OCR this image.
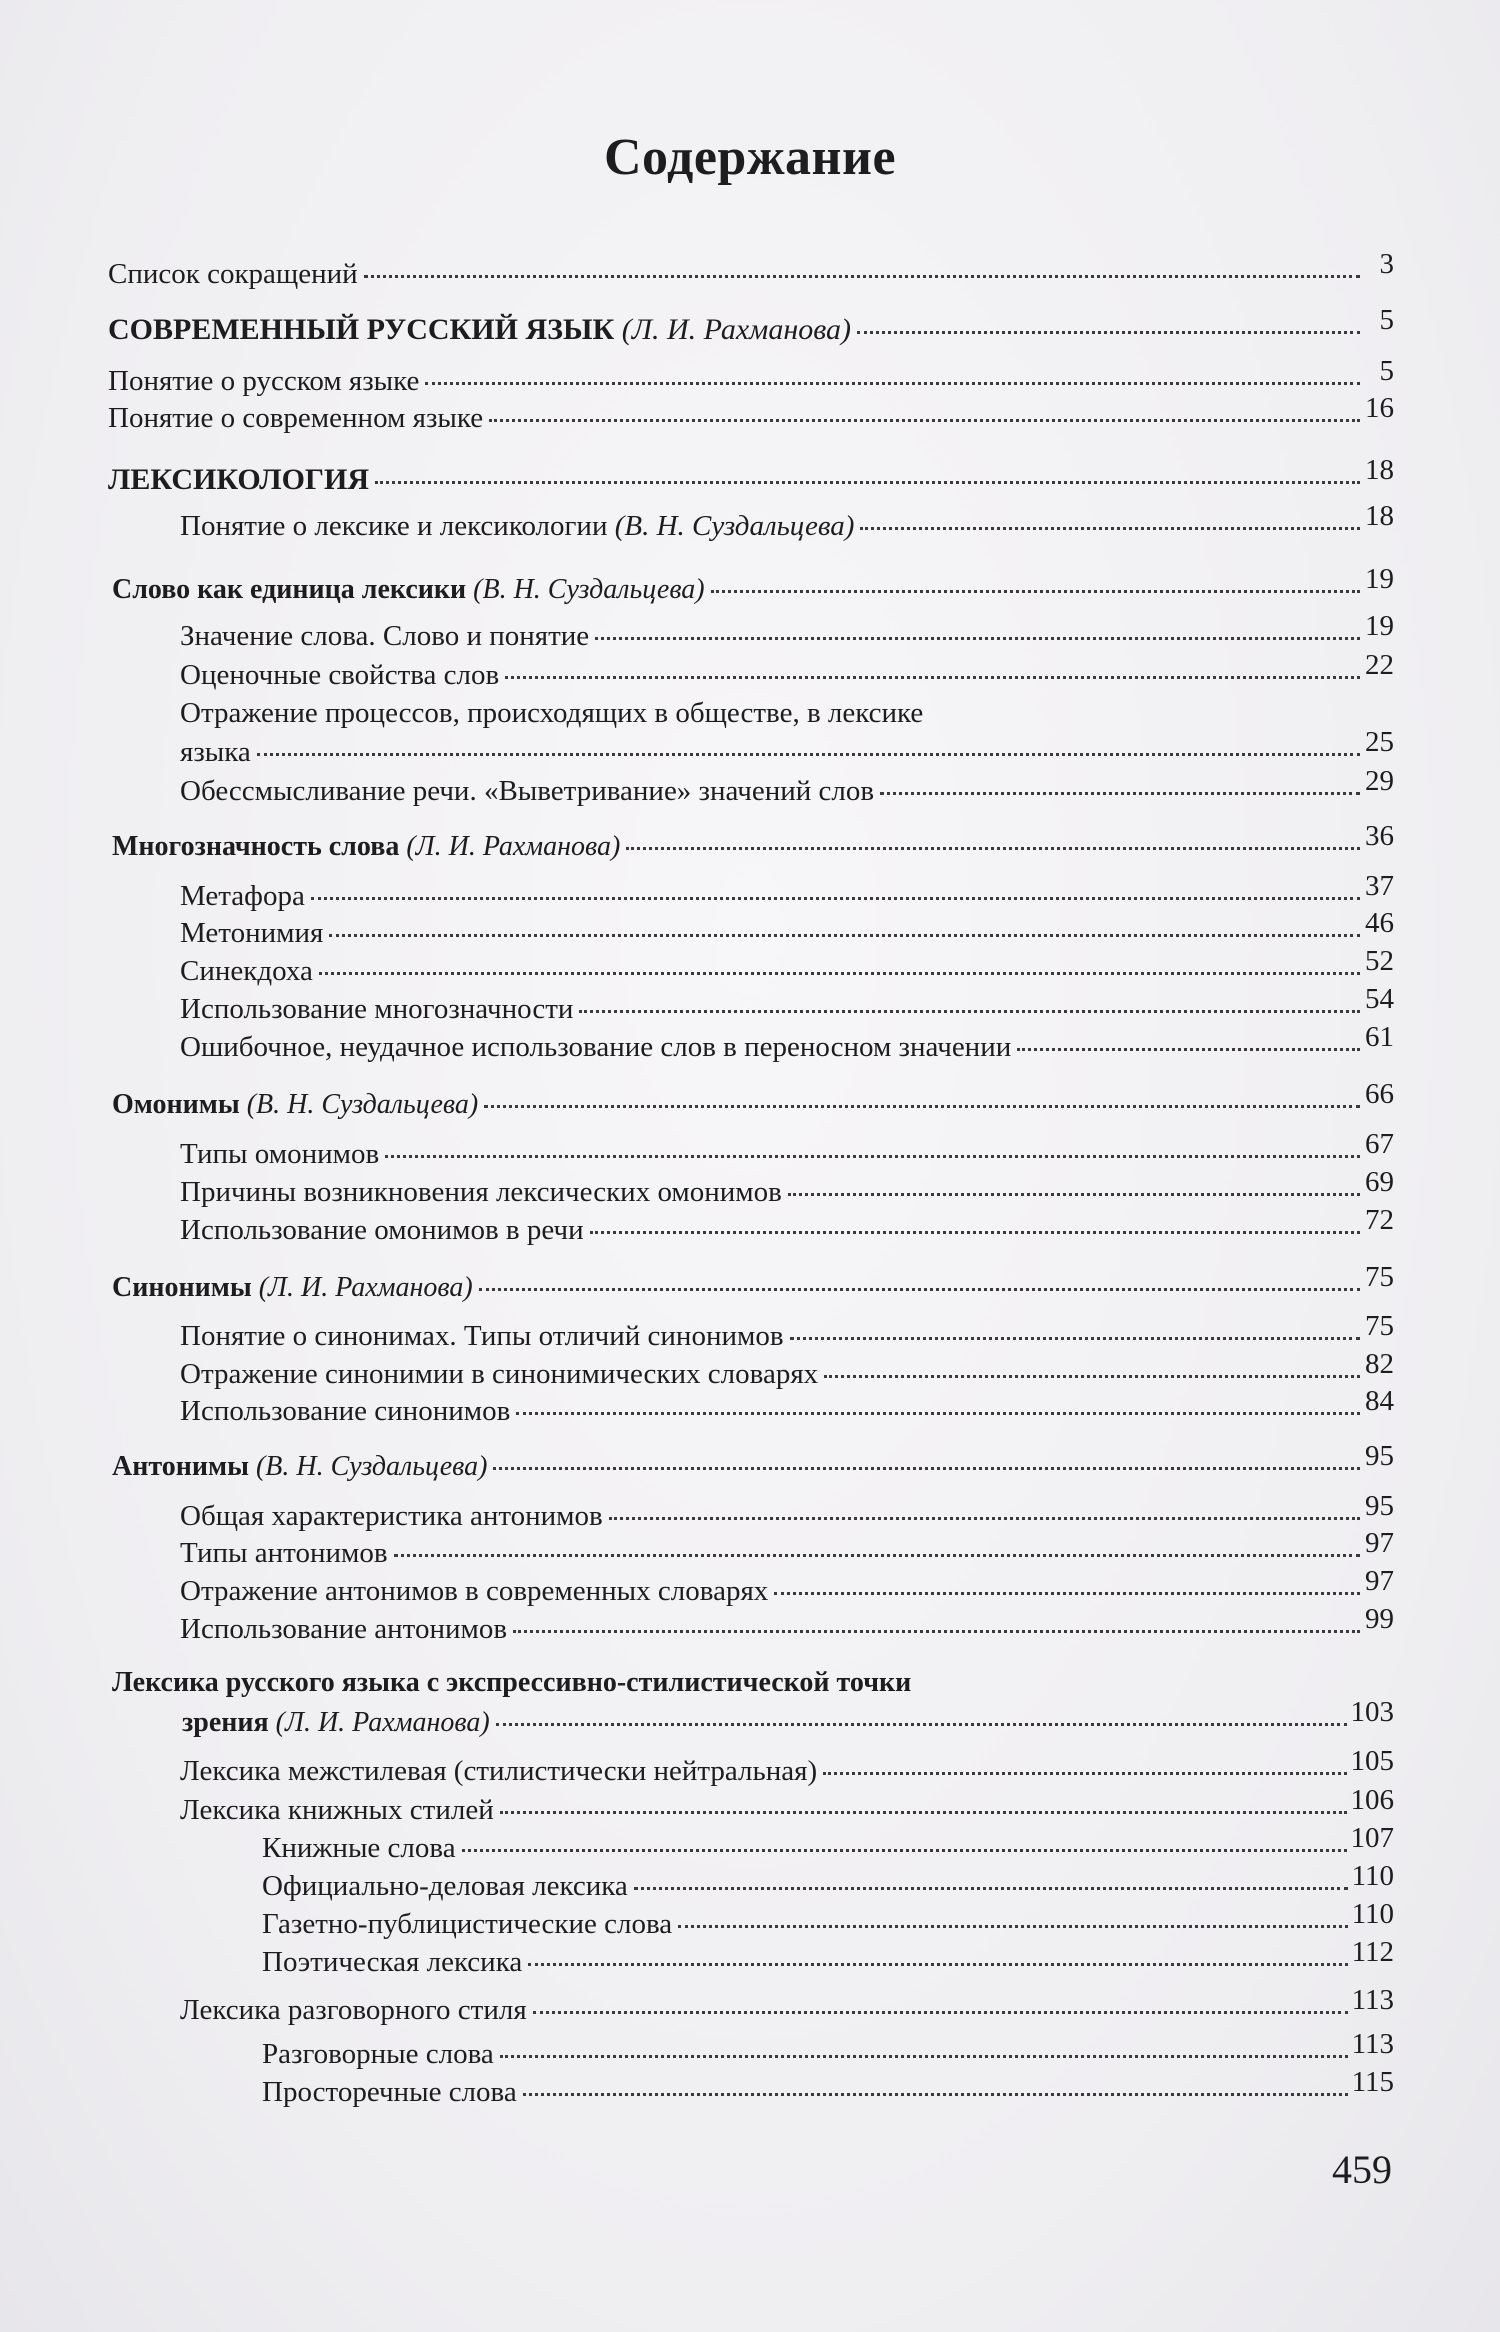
Содержание
Список сокращений	3
СОВРЕМЕННЫЙ РУССКИЙ ЯЗЫК (Л. И. Рахманова)	5
Понятие о русском языке	5
Понятие о современном языке	16
ЛЕКСИКОЛОГИЯ	18
Понятие о лексике и лексикологии (В. Н. Суздальцева)	18
Слово как единица лексики (В. Н. Суздальцева)	19
Значение слова. Слово и понятие	19
Оценочные свойства слов	22
Отражение процессов, происходящих в обществе, в лексике
языка	25
Обессмысливание речи. «Выветривание» значений слов	29
Многозначность слова (Л. И. Рахманова)	36
Метафора	37
Метонимия	46
Синекдоха	52
Использование многозначности	54
Ошибочное, неудачное использование слов в переносном значении	61
Омонимы (В. Н. Суздальцева)	66
Типы омонимов	67
Причины возникновения лексических омонимов	69
Использование омонимов в речи	72
Синонимы (Л. И. Рахманова)	75
Понятие о синонимах. Типы отличий синонимов	75
Отражение синонимии в синонимических словарях	82
Использование синонимов	84
Антонимы (В. Н. Суздальцева)	95
Общая характеристика антонимов	95
Типы антонимов	97
Отражение антонимов в современных словарях	97
Использование антонимов	99
Лексика русского языка с экспрессивно-стилистической точки
зрения (Л. И. Рахманова)	103
Лексика межстилевая (стилистически нейтральная)	105
Лексика книжных стилей	106
Книжные слова	107
Официально-деловая лексика	110
Газетно-публицистические слова	110
Поэтическая лексика	112
Лексика разговорного стиля	113
Разговорные слова	113
Просторечные слова	115
459
